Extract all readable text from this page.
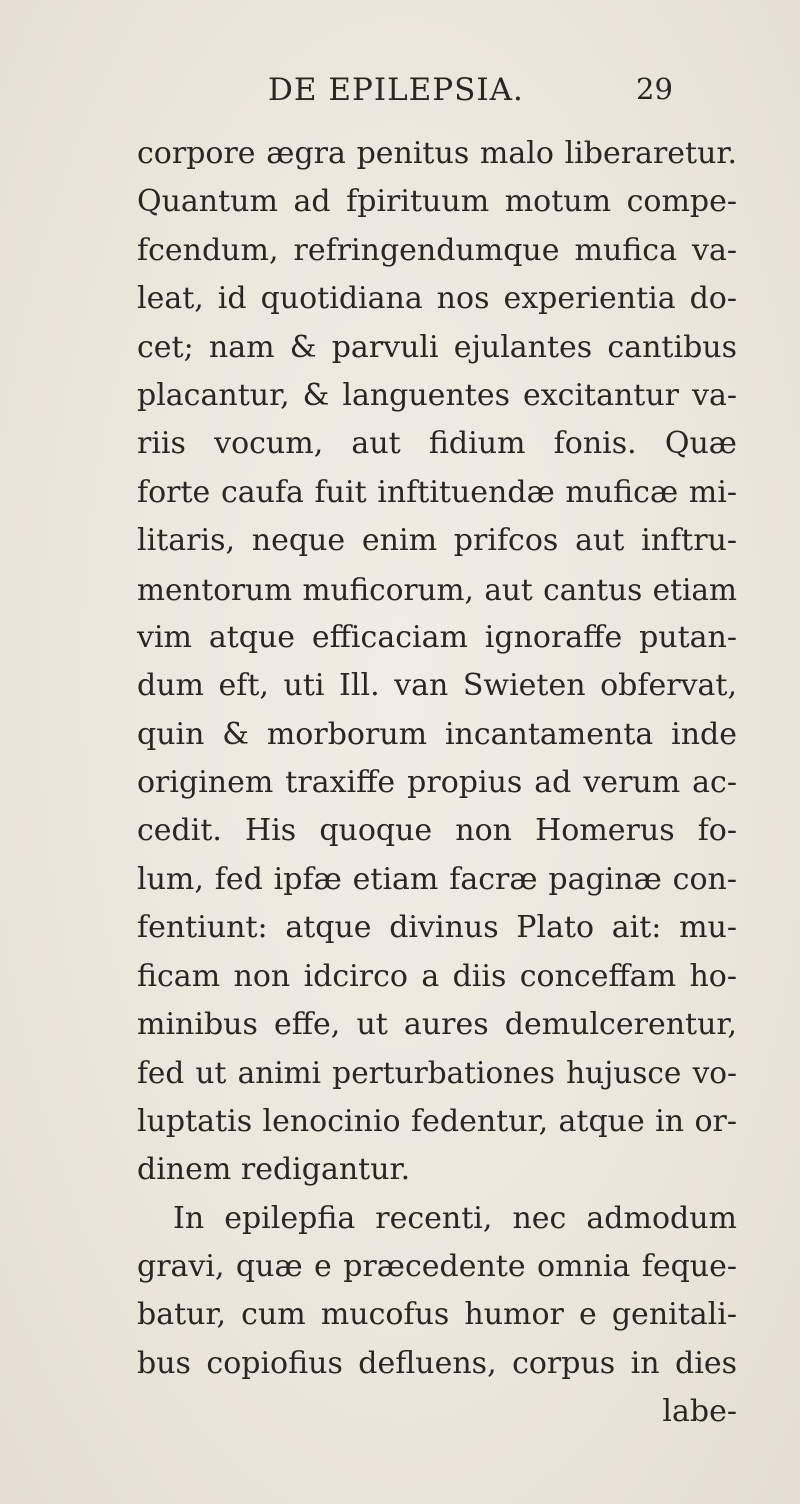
DE EPILEPSIA.	29
corpore ægra penitus malo liberaretur.
Quantum ad fpirituum motum compe-
fcendum, refringendumque mufica va-
leat, id quotidiana nos experientia do-
cet; nam & parvuli ejulantes cantibus
placantur, & languentes excitantur va-
riis vocum, aut fidium fonis. Quæ
forte caufa fuit inftituendæ muficæ mi-
litaris, neque enim prifcos aut inftru-
mentorum muficorum, aut cantus etiam
vim atque efficaciam ignoraffe putan-
dum eft, uti Ill. van Swieten obfervat,
quin & morborum incantamenta inde
originem traxiffe propius ad verum ac-
cedit. His quoque non Homerus fo-
lum, fed ipfæ etiam facræ paginæ con-
fentiunt: atque divinus Plato ait: mu-
ficam non idcirco a diis conceffam ho-
minibus effe, ut aures demulcerentur,
fed ut animi perturbationes hujusce vo-
luptatis lenocinio fedentur, atque in or-
dinem redigantur.
In epilepfia recenti, nec admodum
gravi, quæ e præcedente omnia feque-
batur, cum mucofus humor e genitali-
bus copiofius defluens, corpus in dies
labe-
